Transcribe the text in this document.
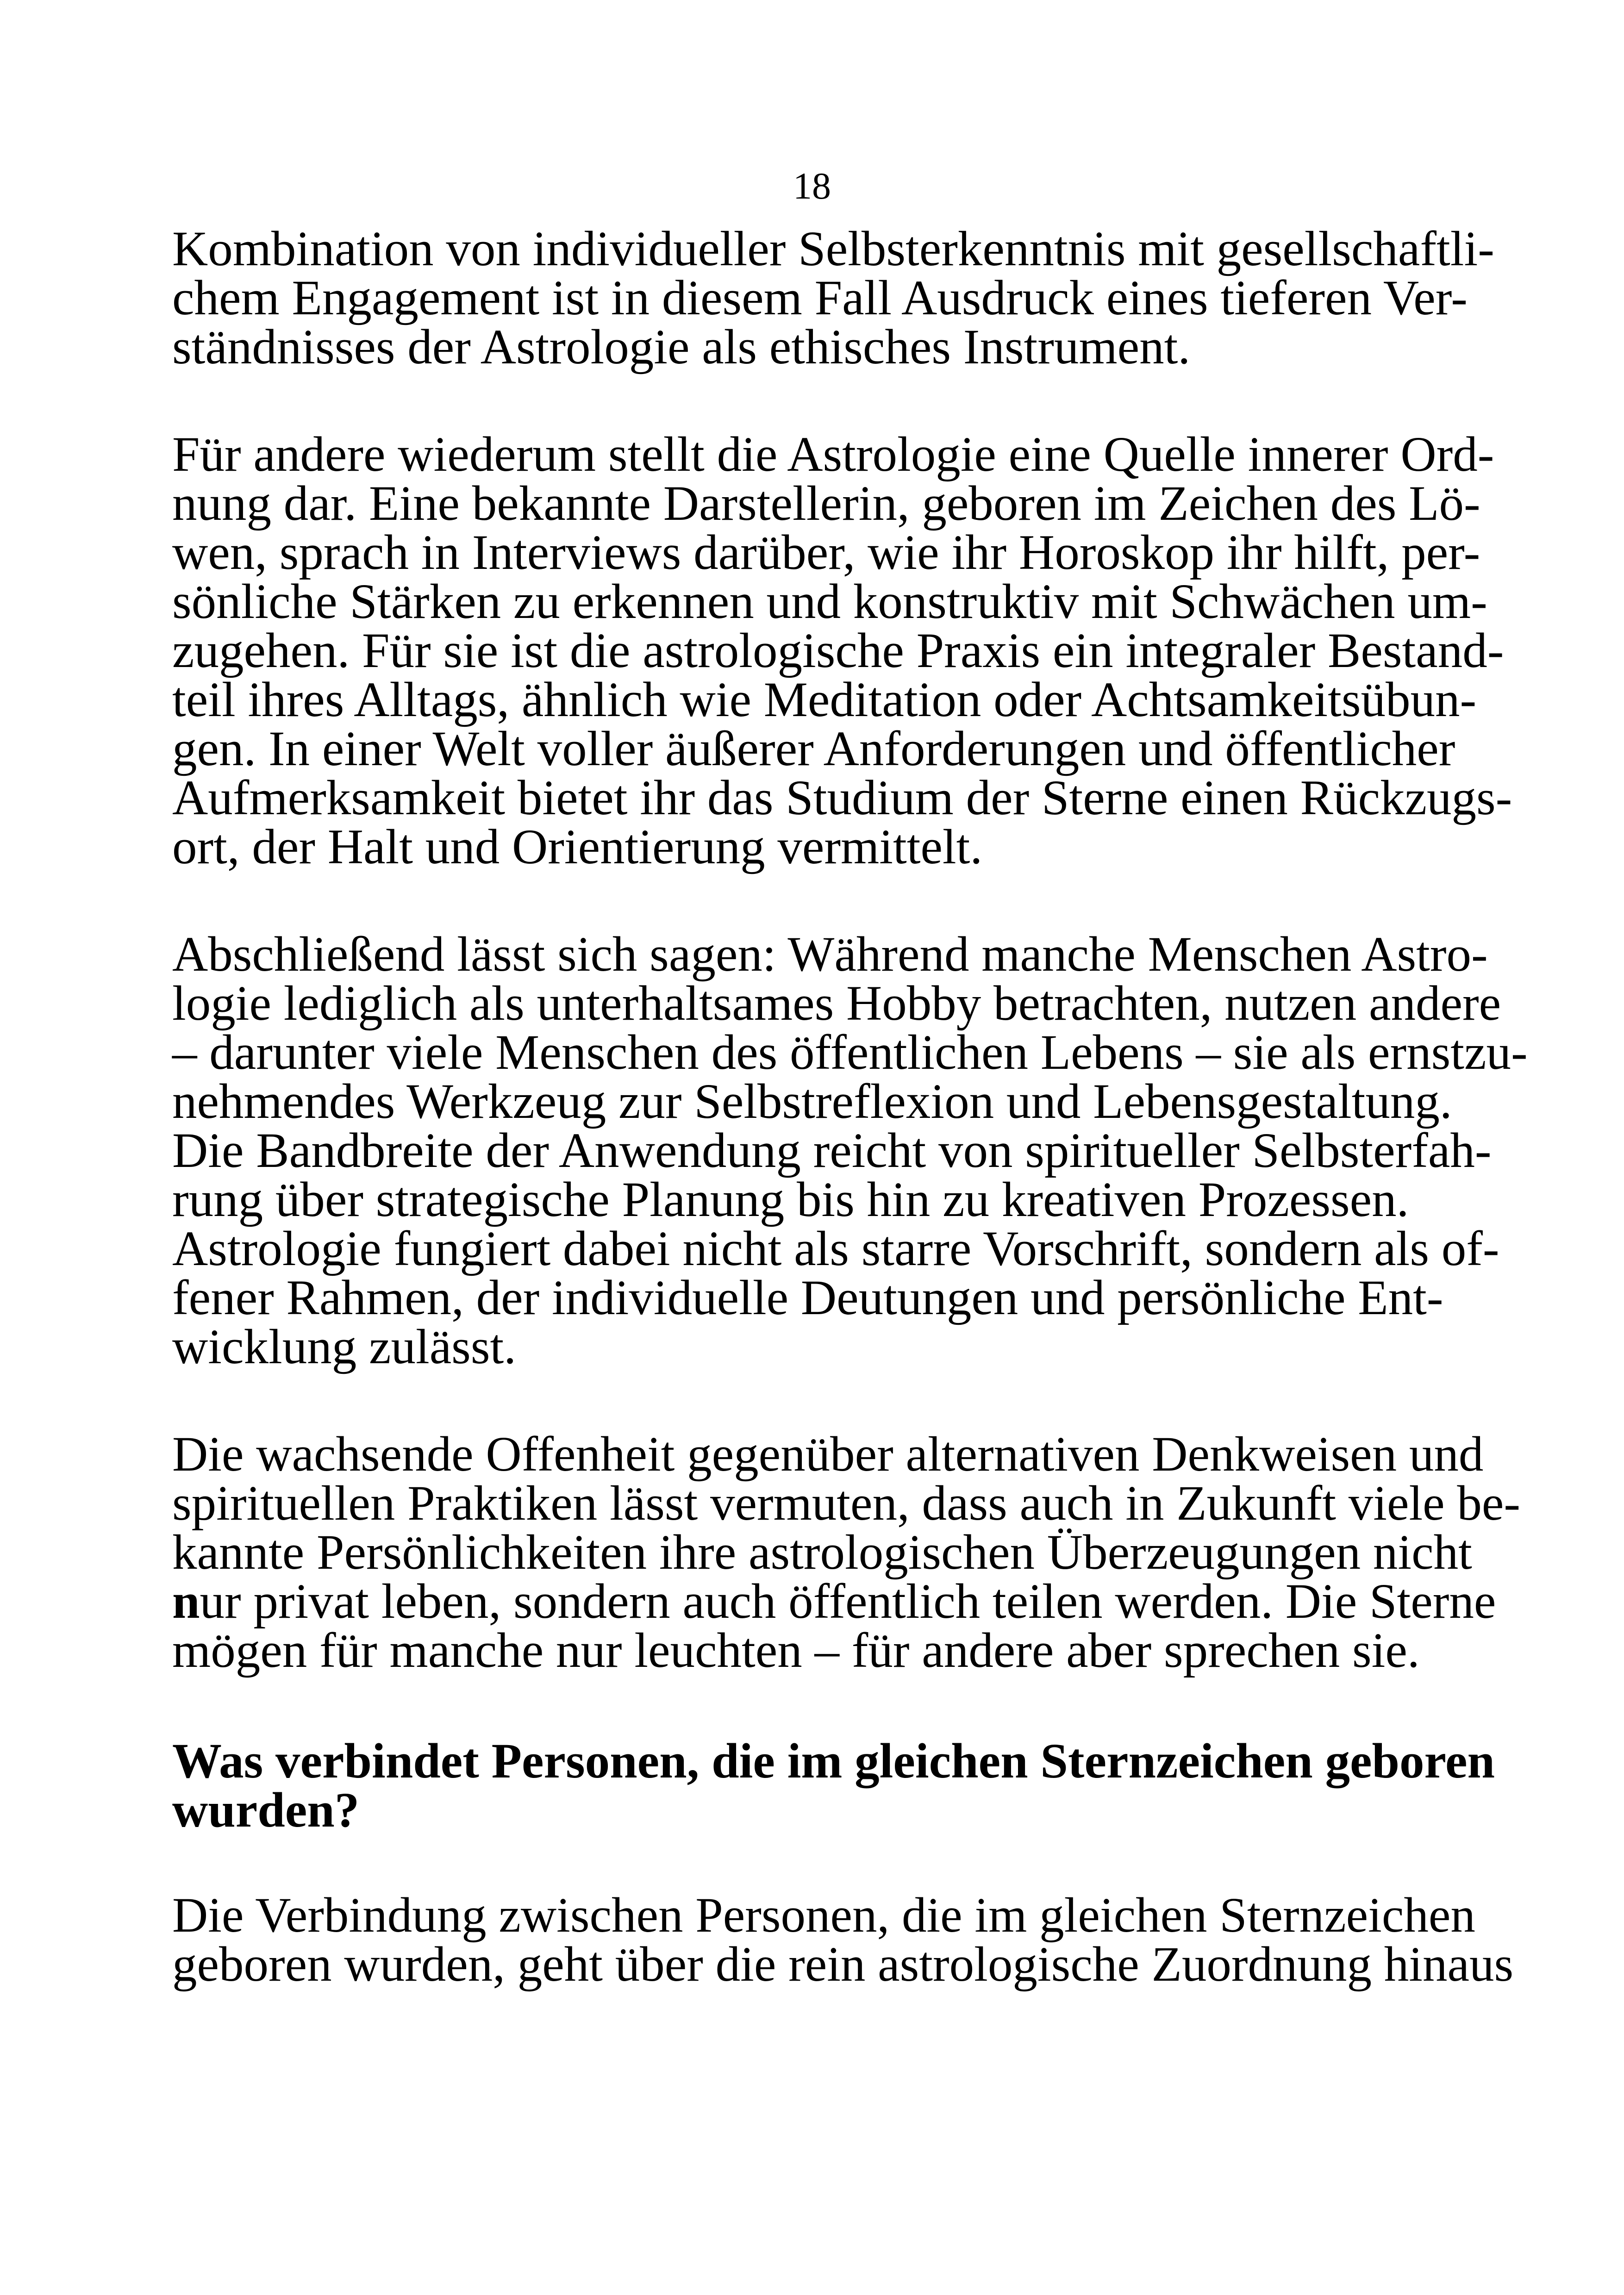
18
Kombination von individueller Selbsterkenntnis mit gesellschaftli-
chem Engagement ist in diesem Fall Ausdruck eines tieferen Ver-
ständnisses der Astrologie als ethisches Instrument.
Für andere wiederum stellt die Astrologie eine Quelle innerer Ord-
nung dar. Eine bekannte Darstellerin, geboren im Zeichen des Lö-
wen, sprach in Interviews darüber, wie ihr Horoskop ihr hilft, per-
sönliche Stärken zu erkennen und konstruktiv mit Schwächen um-
zugehen. Für sie ist die astrologische Praxis ein integraler Bestand-
teil ihres Alltags, ähnlich wie Meditation oder Achtsamkeitsübun-
gen. In einer Welt voller äußerer Anforderungen und öffentlicher
Aufmerksamkeit bietet ihr das Studium der Sterne einen Rückzugs-
ort, der Halt und Orientierung vermittelt.
Abschließend lässt sich sagen: Während manche Menschen Astro-
logie lediglich als unterhaltsames Hobby betrachten, nutzen andere
– darunter viele Menschen des öffentlichen Lebens – sie als ernstzu-
nehmendes Werkzeug zur Selbstreflexion und Lebensgestaltung.
Die Bandbreite der Anwendung reicht von spiritueller Selbsterfah-
rung über strategische Planung bis hin zu kreativen Prozessen.
Astrologie fungiert dabei nicht als starre Vorschrift, sondern als of-
fener Rahmen, der individuelle Deutungen und persönliche Ent-
wicklung zulässt.
Die wachsende Offenheit gegenüber alternativen Denkweisen und
spirituellen Praktiken lässt vermuten, dass auch in Zukunft viele be-
kannte Persönlichkeiten ihre astrologischen Überzeugungen nicht
nur privat leben, sondern auch öffentlich teilen werden. Die Sterne
mögen für manche nur leuchten – für andere aber sprechen sie.
Was verbindet Personen, die im gleichen Sternzeichen geboren
wurden?
Die Verbindung zwischen Personen, die im gleichen Sternzeichen
geboren wurden, geht über die rein astrologische Zuordnung hinaus
